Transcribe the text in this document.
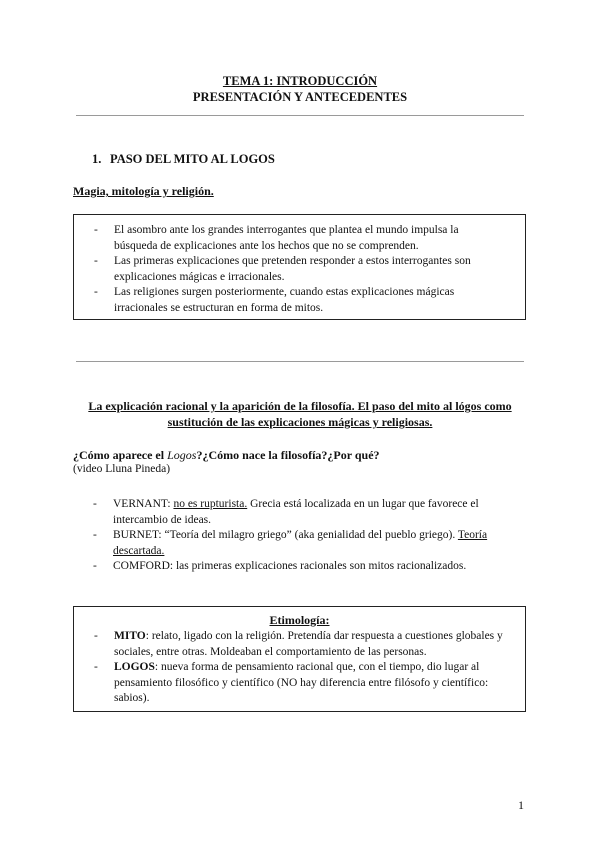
TEMA 1: INTRODUCCIÓN
PRESENTACIÓN Y ANTECEDENTES
1. PASO DEL MITO AL LOGOS
Magia, mitología y religión.
- El asombro ante los grandes interrogantes que plantea el mundo impulsa la búsqueda de explicaciones ante los hechos que no se comprenden.
- Las primeras explicaciones que pretenden responder a estos interrogantes son explicaciones mágicas e irracionales.
- Las religiones surgen posteriormente, cuando estas explicaciones mágicas irracionales se estructuran en forma de mitos.
La explicación racional y la aparición de la filosofía. El paso del mito al lógos como sustitución de las explicaciones mágicas y religiosas.
¿Cómo aparece el Logos?¿Cómo nace la filosofía?¿Por qué?
(video Lluna Pineda)
- VERNANT: no es rupturista. Grecia está localizada en un lugar que favorece el intercambio de ideas.
- BURNET: “Teoría del milagro griego” (aka genialidad del pueblo griego). Teoría descartada.
- COMFORD: las primeras explicaciones racionales son mitos racionalizados.
Etimología:
- MITO: relato, ligado con la religión. Pretendía dar respuesta a cuestiones globales y sociales, entre otras. Moldeaban el comportamiento de las personas.
- LOGOS: nueva forma de pensamiento racional que, con el tiempo, dio lugar al pensamiento filosófico y científico (NO hay diferencia entre filósofo y científico: sabios).
1
